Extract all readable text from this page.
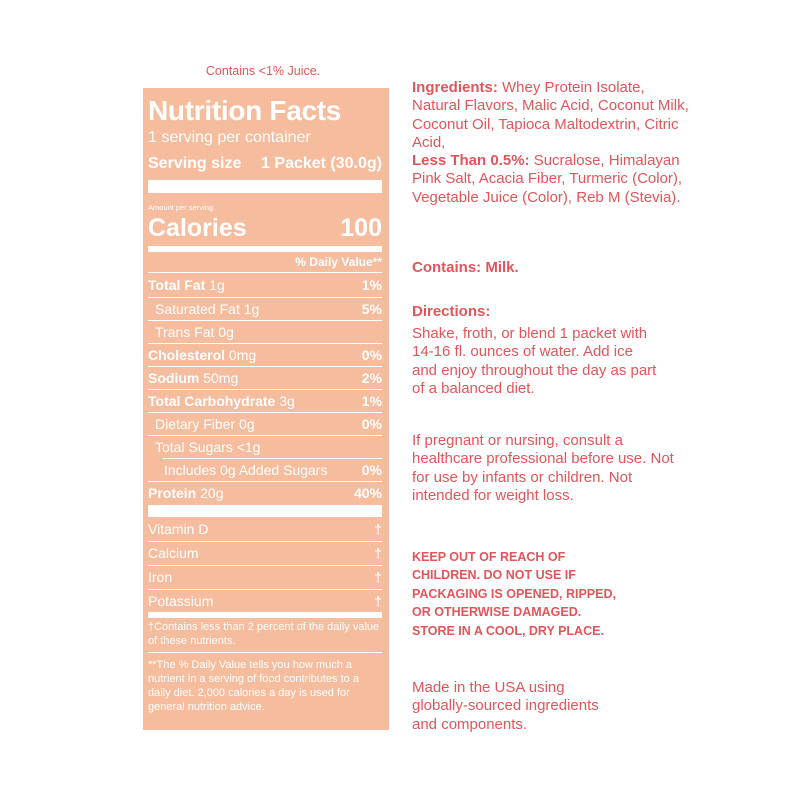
Contains <1% Juice.
Nutrition Facts
1 serving per container
Serving size 1 Packet (30.0g)
Amount per serving
Calories	100
% Daily Value**
Total Fat 1g	1%
Saturated Fat 1g	5%
Trans Fat 0g
Cholesterol 0mg	0%
Sodium 50mg	2%
Total Carbohydrate 3g	1%
Dietary Fiber 0g	0%
Total Sugars <1g
Includes 0g Added Sugars 0%
Protein 20g	40%
Vitamin D	†
Calcium	†
Iron	†
Potassium	†
†Contains less than 2 percent of the daily value of these nutrients.
**The % Daily Value tells you how much a nutrient in a serving of food contributes to a daily diet. 2,000 calories a day is used for general nutrition advice.
Ingredients: Whey Protein Isolate, Natural Flavors, Malic Acid, Coconut Milk, Coconut Oil, Tapioca Maltodextrin, Citric Acid,
Less Than 0.5%: Sucralose, Himalayan Pink Salt, Acacia Fiber, Turmeric (Color), Vegetable Juice (Color), Reb M (Stevia).
Contains: Milk.
Directions:
Shake, froth, or blend 1 packet with 14-16 fl. ounces of water. Add ice and enjoy throughout the day as part of a balanced diet.
If pregnant or nursing, consult a healthcare professional before use. Not for use by infants or children. Not intended for weight loss.
KEEP OUT OF REACH OF CHILDREN. DO NOT USE IF PACKAGING IS OPENED, RIPPED, OR OTHERWISE DAMAGED. STORE IN A COOL, DRY PLACE.
Made in the USA using globally-sourced ingredients and components.
